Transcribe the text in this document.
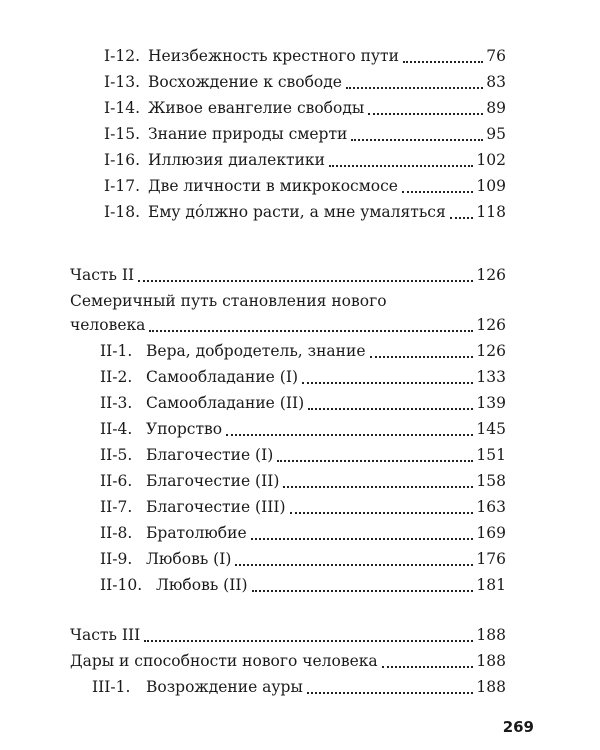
I-12. Неизбежность крестного пути	76
I-13. Восхождение к свободе	83
I-14. Живое евангелие свободы	89
I-15. Знание природы смерти	95
I-16. Иллюзия диалектики	102
I-17. Две личности в микрокосмосе	109
I-18. Ему до́лжно расти, а мне умаляться 118
Часть II	126
Семеричный путь становления нового
человека	126
II-1. Вера, добродетель, знание	126
II-2. Самообладание (I)	133
II-3. Самообладание (II)	139
II-4. Упорство	145
II-5. Благочестие (I)	151
II-6. Благочестие (II)	158
II-7. Благочестие (III)	163
II-8. Братолюбие	169
II-9. Любовь (I)	176
II-10. Любовь (II)	181
Часть III	188
Дары и способности нового человека	188
III-1.	Возрождение ауры	188
269
